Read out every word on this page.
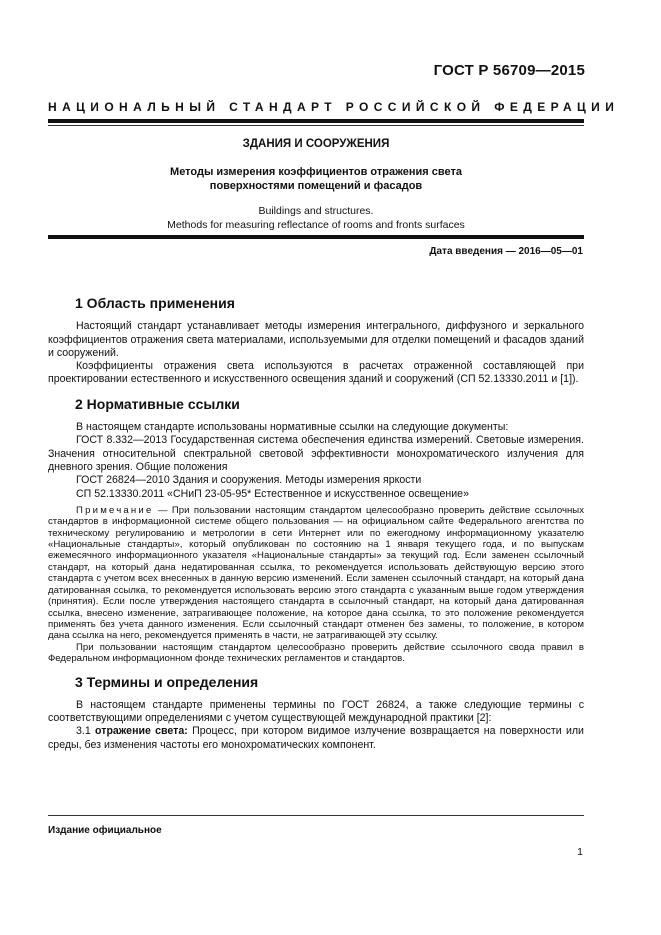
ГОСТ Р 56709—2015
НАЦИОНАЛЬНЫЙ СТАНДАРТ РОССИЙСКОЙ ФЕДЕРАЦИИ
ЗДАНИЯ И СООРУЖЕНИЯ
Методы измерения коэффициентов отражения света
поверхностями помещений и фасадов
Buildings and structures.
Methods for measuring reflectance of rooms and fronts surfaces
Дата введения — 2016—05—01
1 Область применения

Настоящий стандарт устанавливает методы измерения интегрального, диффузного и зеркального коэффициентов отражения света материалами, используемыми для отделки помещений и фасадов зданий и сооружений.

Коэффициенты отражения света используются в расчетах отраженной составляющей при проектировании естественного и искусственного освещения зданий и сооружений (СП 52.13330.2011 и [1]).

2 Нормативные ссылки

В настоящем стандарте использованы нормативные ссылки на следующие документы:

ГОСТ 8.332—2013 Государственная система обеспечения единства измерений. Световые измерения. Значения относительной спектральной световой эффективности монохроматического излучения для дневного зрения. Общие положения

ГОСТ 26824—2010 Здания и сооружения. Методы измерения яркости

СП 52.13330.2011 «СНиП 23-05-95* Естественное и искусственное освещение»

Примечание — При пользовании настоящим стандартом целесообразно проверить действие ссылочных стандартов в информационной системе общего пользования — на официальном сайте Федерального агентства по техническому регулированию и метрологии в сети Интернет или по ежегодному информационному указателю «Национальные стандарты», который опубликован по состоянию на 1 января текущего года, и по выпускам ежемесячного информационного указателя «Национальные стандарты» за текущий год. Если заменен ссылочный стандарт, на который дана недатированная ссылка, то рекомендуется использовать действующую версию этого стандарта с учетом всех внесенных в данную версию изменений. Если заменен ссылочный стандарт, на который дана датированная ссылка, то рекомендуется использовать версию этого стандарта с указанным выше годом утверждения (принятия). Если после утверждения настоящего стандарта в ссылочный стандарт, на который дана датированная ссылка, внесено изменение, затрагивающее положение, на которое дана ссылка, то это положение рекомендуется применять без учета данного изменения. Если ссылочный стандарт отменен без замены, то положение, в котором дана ссылка на него, рекомендуется применять в части, не затрагивающей эту ссылку.

При пользовании настоящим стандартом целесообразно проверить действие ссылочного свода правил в Федеральном информационном фонде технических регламентов и стандартов.

3 Термины и определения

В настоящем стандарте применены термины по ГОСТ 26824, а также следующие термины с соответствующими определениями с учетом существующей международной практики [2]:

3.1 отражение света: Процесс, при котором видимое излучение возвращается на поверхности или среды, без изменения частоты его монохроматических компонент.

Издание официальное
1
